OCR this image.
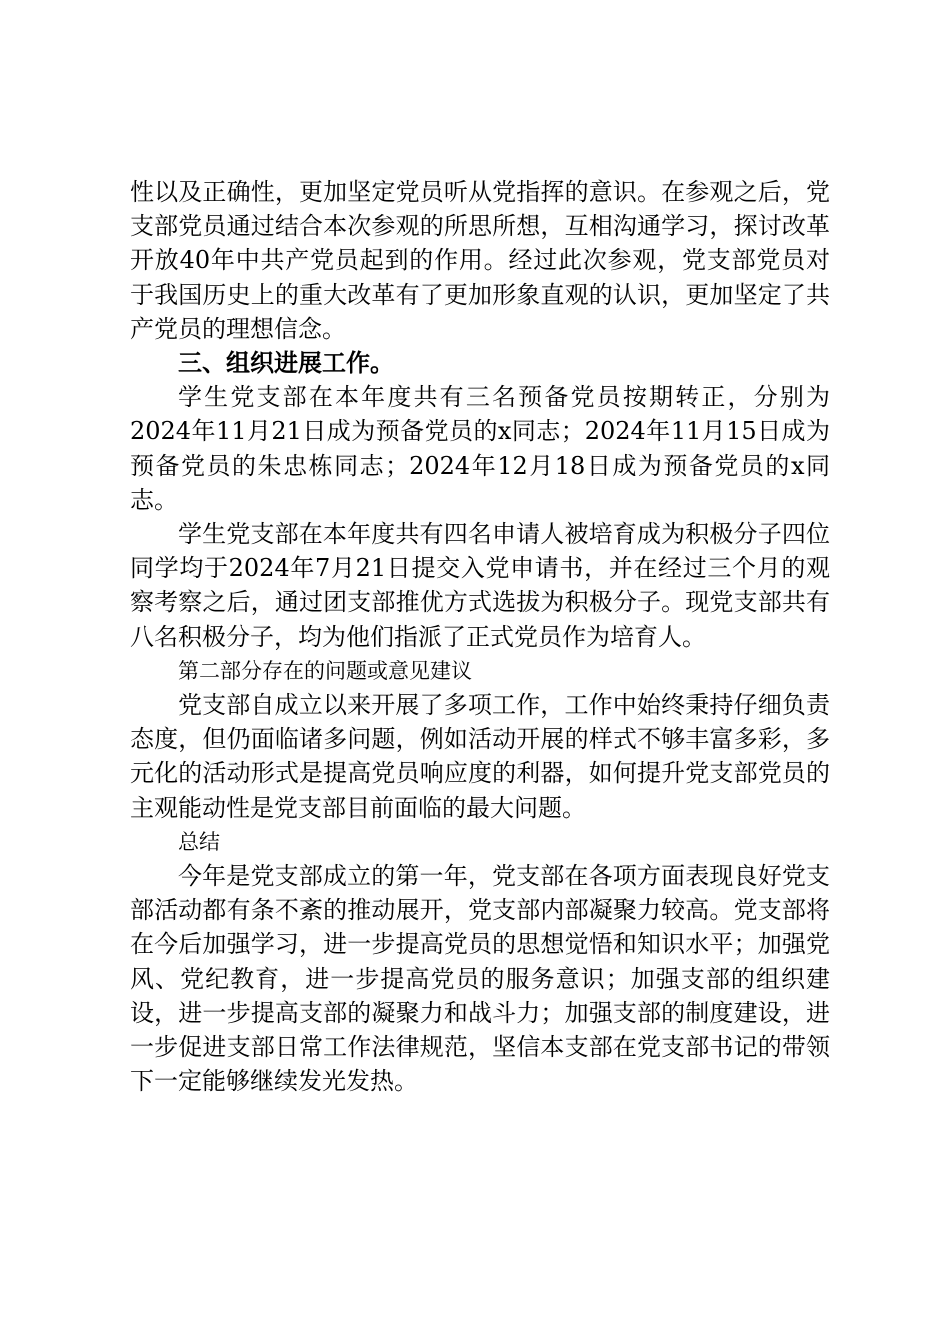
性以及正确性，更加坚定党员听从党指挥的意识。在参观之后，党支部党员通过结合本次参观的所思所想，互相沟通学习，探讨改革开放40年中共产党员起到的作用。经过此次参观，党支部党员对于我国历史上的重大改革有了更加形象直观的认识，更加坚定了共产党员的理想信念。

三、组织进展工作。

学生党支部在本年度共有三名预备党员按期转正，分别为2024年11月21日成为预备党员的x同志；2024年11月15日成为预备党员的朱忠栋同志；2024年12月18日成为预备党员的x同志。

学生党支部在本年度共有四名申请人被培育成为积极分子四位同学均于2024年7月21日提交入党申请书，并在经过三个月的观察考察之后，通过团支部推优方式选拔为积极分子。现党支部共有八名积极分子，均为他们指派了正式党员作为培育人。

第二部分存在的问题或意见建议

党支部自成立以来开展了多项工作，工作中始终秉持仔细负责态度，但仍面临诸多问题，例如活动开展的样式不够丰富多彩，多元化的活动形式是提高党员响应度的利器，如何提升党支部党员的主观能动性是党支部目前面临的最大问题。

总结

今年是党支部成立的第一年，党支部在各项方面表现良好党支部活动都有条不紊的推动展开，党支部内部凝聚力较高。党支部将在今后加强学习，进一步提高党员的思想觉悟和知识水平；加强党风、党纪教育，进一步提高党员的服务意识；加强支部的组织建设，进一步提高支部的凝聚力和战斗力；加强支部的制度建设，进一步促进支部日常工作法律规范，坚信本支部在党支部书记的带领下一定能够继续发光发热。
